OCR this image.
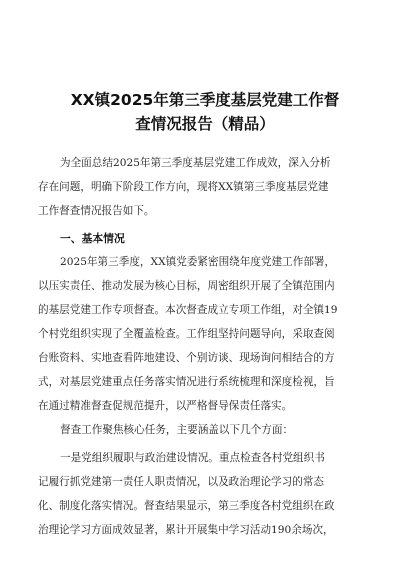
XX镇2025年第三季度基层党建工作督
查情况报告（精品）
为全面总结2025年第三季度基层党建工作成效，深入分析
存在问题，明确下阶段工作方向，现将XX镇第三季度基层党建
工作督查情况报告如下。
一、基本情况
2025年第三季度，XX镇党委紧密围绕年度党建工作部署，
以压实责任、推动发展为核心目标，周密组织开展了全镇范围内
的基层党建工作专项督查。本次督查成立专项工作组，对全镇19
个村党组织实现了全覆盖检查。工作组坚持问题导向，采取查阅
台账资料、实地查看阵地建设、个别访谈、现场询问相结合的方
式，对基层党建重点任务落实情况进行系统梳理和深度检视，旨
在通过精准督查促规范提升，以严格督导保责任落实。
督查工作聚焦核心任务，主要涵盖以下几个方面：
一是党组织履职与政治建设情况。重点检查各村党组织书
记履行抓党建第一责任人职责情况，以及政治理论学习的常态
化、制度化落实情况。督查结果显示，第三季度各村党组织在政
治理论学习方面成效显著，累计开展集中学习活动190余场次，
